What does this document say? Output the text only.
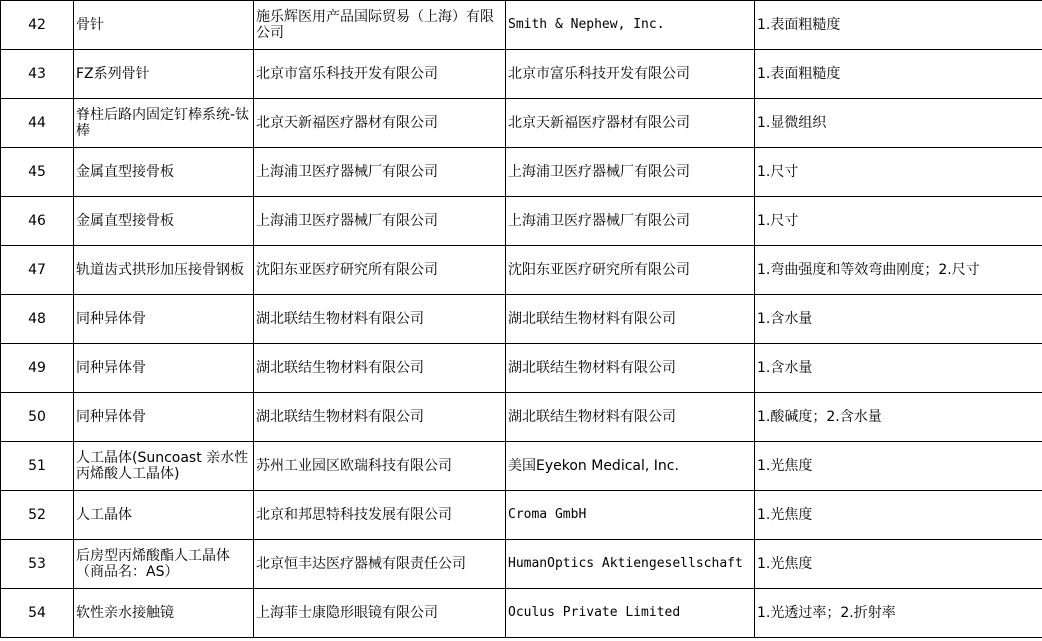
42	骨针	施乐辉医用产品国际贸易（上海）有限公司	Smith & Nephew, Inc.	1.表面粗糙度
43	FZ系列骨针	北京市富乐科技开发有限公司	北京市富乐科技开发有限公司	1.表面粗糙度
44	脊柱后路内固定钉棒系统-钛棒	北京天新福医疗器材有限公司	北京天新福医疗器材有限公司	1.显微组织
45	金属直型接骨板	上海浦卫医疗器械厂有限公司	上海浦卫医疗器械厂有限公司	1.尺寸
46	金属直型接骨板	上海浦卫医疗器械厂有限公司	上海浦卫医疗器械厂有限公司	1.尺寸
47	轨道齿式拱形加压接骨钢板	沈阳东亚医疗研究所有限公司	沈阳东亚医疗研究所有限公司	1.弯曲强度和等效弯曲刚度；2.尺寸
48	同种异体骨	湖北联结生物材料有限公司	湖北联结生物材料有限公司	1.含水量
49	同种异体骨	湖北联结生物材料有限公司	湖北联结生物材料有限公司	1.含水量
50	同种异体骨	湖北联结生物材料有限公司	湖北联结生物材料有限公司	1.酸碱度；2.含水量
51	人工晶体(Suncoast 亲水性丙烯酸人工晶体)	苏州工业园区欧瑞科技有限公司	美国Eyekon Medical, Inc.	1.光焦度
52	人工晶体	北京和邦思特科技发展有限公司	Croma GmbH	1.光焦度
53	后房型丙烯酸酯人工晶体（商品名：AS）	北京恒丰达医疗器械有限责任公司	HumanOptics Aktiengesellschaft	1.光焦度
54	软性亲水接触镜	上海菲士康隐形眼镜有限公司	Oculus Private Limited	1.光透过率；2.折射率
